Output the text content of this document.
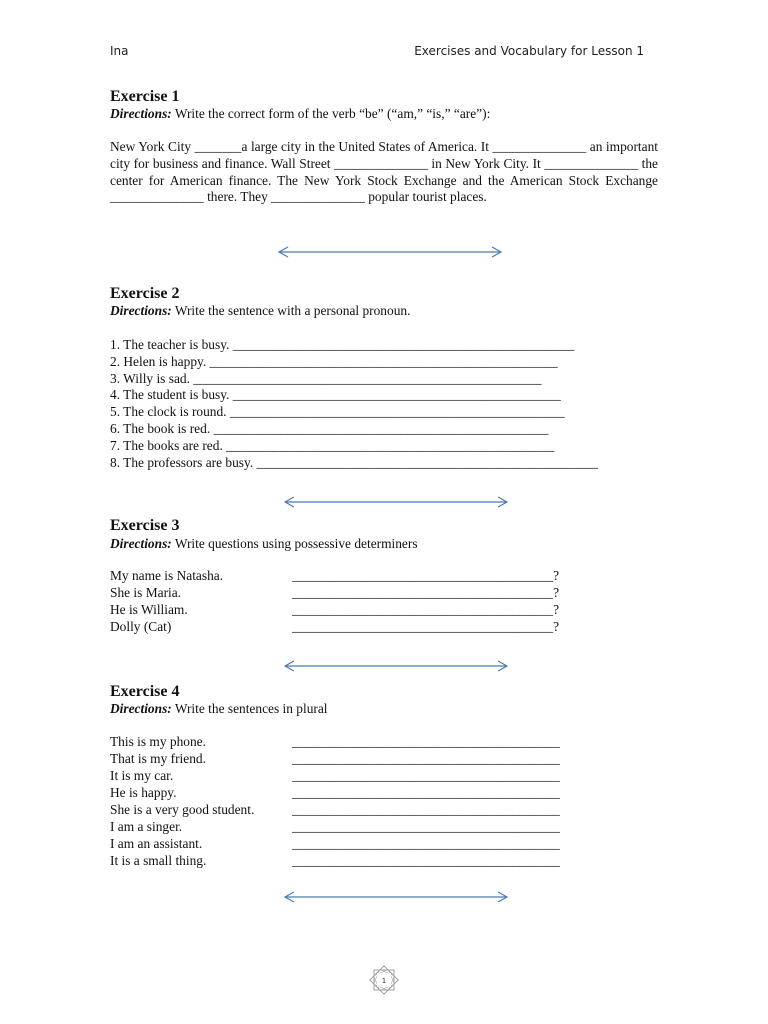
Ina	Exercises and Vocabulary for Lesson 1
Exercise 1
Directions: Write the correct form of the verb “be” (“am,” “is,” “are”):

New York City _______a large city in the United States of America. It ______________ an important city for business and finance. Wall Street ______________ in New York City. It ______________ the center for American finance. The New York Stock Exchange and the American Stock Exchange ______________ there. They ______________ popular tourist places.

Exercise 2
Directions: Write the sentence with a personal pronoun.
1. The teacher is busy. ___________________________________________________
2. Helen is happy. ____________________________________________________
3. Willy is sad. ____________________________________________________
4. The student is busy. _________________________________________________
5. The clock is round. __________________________________________________
6. The book is red. __________________________________________________
7. The books are red. _________________________________________________
8. The professors are busy. ___________________________________________________
Exercise 3
Directions: Write questions using possessive determiners
My name is Natasha.	_______________________________________?
She is Maria.	_______________________________________?
He is William.	_______________________________________?
Dolly (Cat)	_______________________________________?
Exercise 4
Directions: Write the sentences in plural
This is my phone.	________________________________________
That is my friend.	________________________________________
It is my car.	________________________________________
He is happy.	________________________________________
She is a very good student.	________________________________________
I am a singer.	________________________________________
I am an assistant.	________________________________________
It is a small thing.	________________________________________
1
